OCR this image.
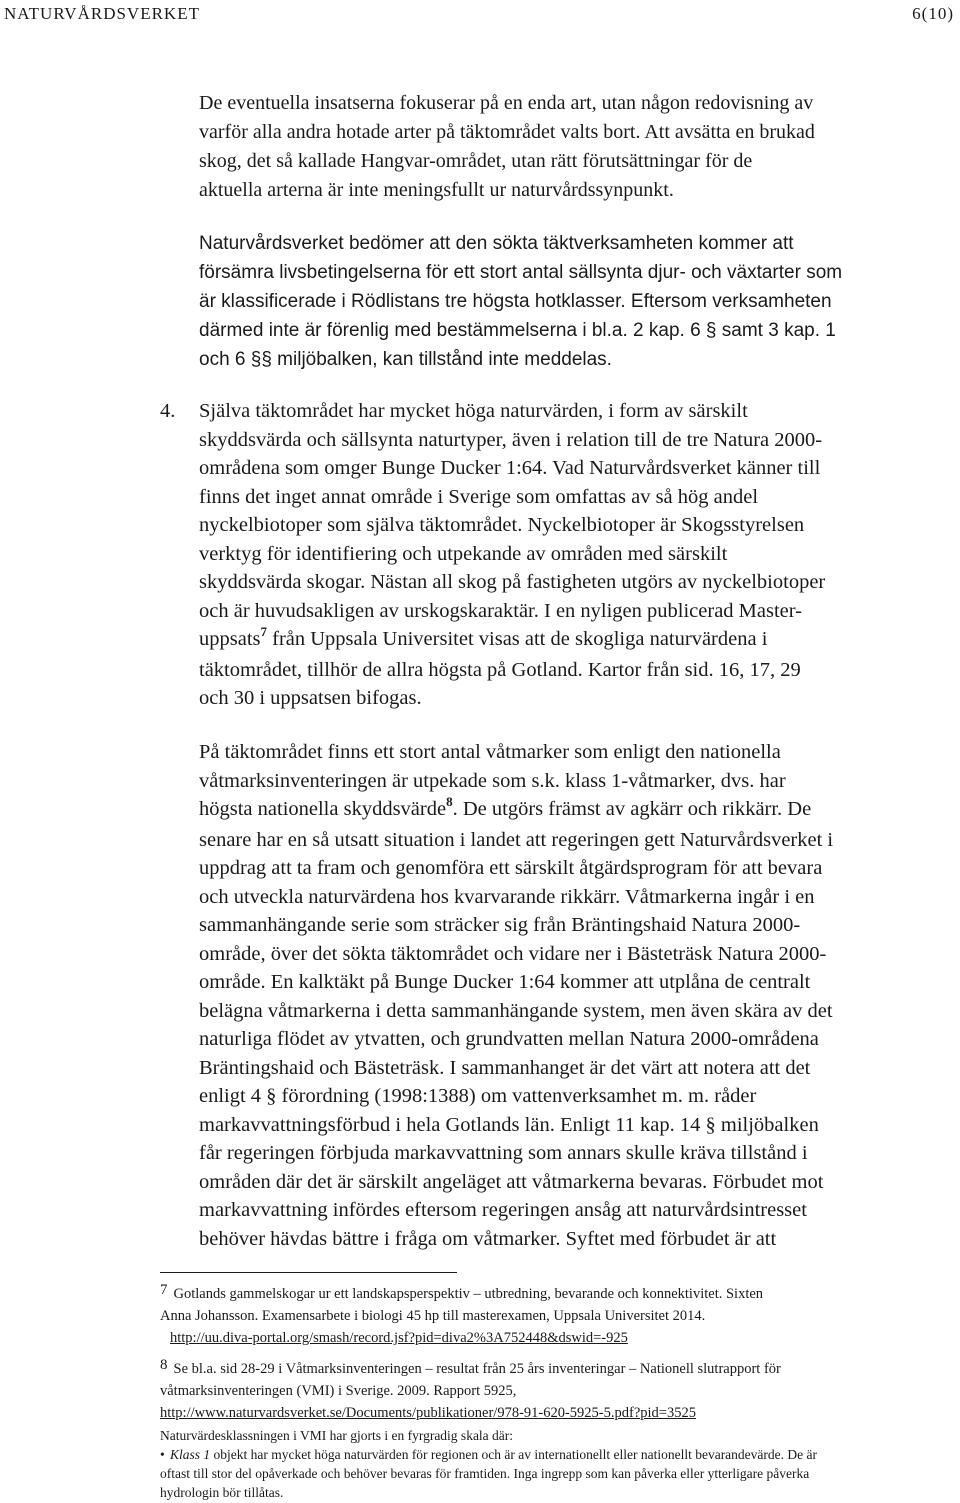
NATURVÅRDSVERKET	6(10)
De eventuella insatserna fokuserar på en enda art, utan någon redovisning av
varför alla andra hotade arter på täktområdet valts bort. Att avsätta en brukad
skog, det så kallade Hangvar-området, utan rätt förutsättningar för de
aktuella arterna är inte meningsfullt ur naturvårdssynpunkt.
Naturvårdsverket bedömer att den sökta täktverksamheten kommer att
försämra livsbetingelserna för ett stort antal sällsynta djur- och växtarter som
är klassificerade i Rödlistans tre högsta hotklasser. Eftersom verksamheten
därmed inte är förenlig med bestämmelserna i bl.a. 2 kap. 6 § samt 3 kap. 1
och 6 §§ miljöbalken, kan tillstånd inte meddelas.
4. Själva täktområdet har mycket höga naturvärden, i form av särskilt
skyddsvärda och sällsynta naturtyper, även i relation till de tre Natura 2000-
områdena som omger Bunge Ducker 1:64. Vad Naturvårdsverket känner till
finns det inget annat område i Sverige som omfattas av så hög andel
nyckelbiotoper som själva täktområdet. Nyckelbiotoper är Skogsstyrelsen
verktyg för identifiering och utpekande av områden med särskilt
skyddsvärda skogar. Nästan all skog på fastigheten utgörs av nyckelbiotoper
och är huvudsakligen av urskogskaraktär. I en nyligen publicerad Master-
uppsats$^7$ från Uppsala Universitet visas att de skogliga naturvärdena i
täktområdet, tillhör de allra högsta på Gotland. Kartor från sid. 16, 17, 29
och 30 i uppsatsen bifogas.
På täktområdet finns ett stort antal våtmarker som enligt den nationella
våtmarksinventeringen är utpekade som s.k. klass 1-våtmarker, dvs. har
högsta nationella skyddsvärde$^8$. De utgörs främst av agkärr och rikkärr. De
senare har en så utsatt situation i landet att regeringen gett Naturvårdsverket i
uppdrag att ta fram och genomföra ett särskilt åtgärdsprogram för att bevara
och utveckla naturvärdena hos kvarvarande rikkärr. Våtmarkerna ingår i en
sammanhängande serie som sträcker sig från Bräntingshaid Natura 2000-
område, över det sökta täktområdet och vidare ner i Bästeträsk Natura 2000-
område. En kalktäkt på Bunge Ducker 1:64 kommer att utplåna de centralt
belägna våtmarkerna i detta sammanhängande system, men även skära av det
naturliga flödet av ytvatten, och grundvatten mellan Natura 2000-områdena
Bräntingshaid och Bästeträsk. I sammanhanget är det värt att notera att det
enligt 4 § förordning (1998:1388) om vattenverksamhet m. m. råder
markavvattningsförbud i hela Gotlands län. Enligt 11 kap. 14 § miljöbalken
får regeringen förbjuda markavvattning som annars skulle kräva tillstånd i
områden där det är särskilt angeläget att våtmarkerna bevaras. Förbudet mot
markavvattning infördes eftersom regeringen ansåg att naturvårdsintresset
behöver hävdas bättre i fråga om våtmarker. Syftet med förbudet är att
7 Gotlands gammelskogar ur ett landskapsperspektiv – utbredning, bevarande och konnektivitet. Sixten
Anna Johansson. Examensarbete i biologi 45 hp till masterexamen, Uppsala Universitet 2014.
http://uu.diva-portal.org/smash/record.jsf?pid=diva2%3A752448&dswid=-925
8 Se bl.a. sid 28-29 i Våtmarksinventeringen – resultat från 25 års inventeringar – Nationell slutrapport för
våtmarksinventeringen (VMI) i Sverige. 2009. Rapport 5925,
http://www.naturvardsverket.se/Documents/publikationer/978-91-620-5925-5.pdf?pid=3525
Naturvärdesklassningen i VMI har gjorts i en fyrgradig skala där:
• Klass 1 objekt har mycket höga naturvärden för regionen och är av internationellt eller nationellt bevarandevärde. De är
oftast till stor del opåverkade och behöver bevaras för framtiden. Inga ingrepp som kan påverka eller ytterligare påverka
hydrologin bör tillåtas.
